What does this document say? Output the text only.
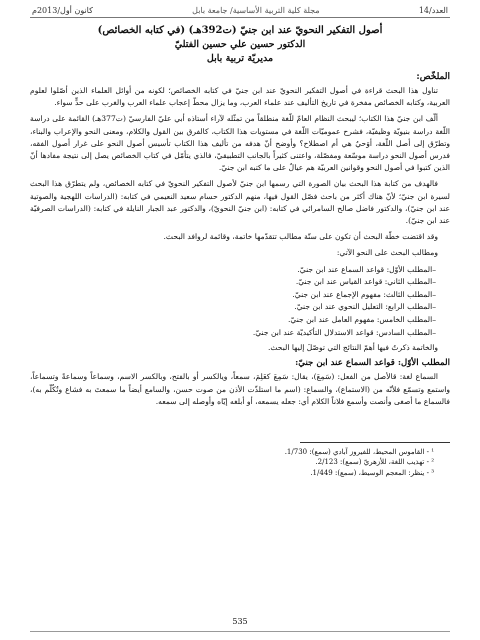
العدد/14
مجلة كلية التربية الأساسية/ جامعة بابل
كانون أول/2013م
أصول التفكير النحويّ عند ابن جنيّ (ت392هـ) (في كتابه الخصائص)
الدكتور حسين علي حسين الفتليّ
مديريّة تربية بابل
الملخّص:

تناول هذا البحث قراءة في أصول التفكير النحويّ عند ابن جنيّ في كتابه الخصائص؛ لكونه من أوائل العلماء الذين أصّلوا لعلوم العربية، وكتابه الخصائص مفخرة في تاريخ التأليف عند علماء العرب، وما يزال محطّ إعجاب علماء العرب والغرب على حدٍّ سواء.

ألّف ابن جنيّ هذا الكتاب؛ ليبحث النظام العامّ للّغة منطلقاً من تمثّله لآراء أستاذه أبي عليّ الفارسيّ (ت377هـ) القائمة على دراسة اللّغة دراسة بنيويّة وظيفيّة، فشرح عموميّات اللّغة في مستويات هذا الكتاب، كالفرق بين القول والكلام، ومعنى النحو والإعراب والبناء، وتطرّق إلى أصل اللّغة، أوَحيٌ هي أم اصطلاح؟ وأوضح أنّ هدفه من تأليف هذا الكتاب تأسيس أصول النحو على غرار أصول الفقه، فدرس أصول النحو دراسة موسّعة ومفصّلة، واعتنى كثيراً بالجانب التطبيقيّ، فالذي يتأمّل في كتاب الخصائص يصل إلى نتيجة مفادها أنّ الذين كتبوا في أصول النحو وقوانين العربيّة هم عيالٌ على ما كتبه ابن جنيّ.

فالهدف من كتابة هذا البحث بيان الصورة التي رسمها ابن جنيّ لأصول التفكير النحويّ في كتابه الخصائص، ولم يتطرّق هذا البحث لسيرة ابن جنيّ؛ لأنّ هناك أكثر من باحث فصّل القول فيها، منهم الدكتور حسام سعيد النعيمي في كتابه: (الدراسات اللهجية والصوتية عند ابن جنيّ)، والدكتور فاضل صالح السامرائي في كتابه: (ابن جنيّ النحويّ)، والدكتور عبد الجبار النايلة في كتابه: (الدراسات الصرفيّة عند ابن جنيّ).

وقد اقتضت خطّة البحث أن تكون على ستّة مطالب تتقدّمها خاتمة، وقائمة لروافد البحث.

ومطالب البحث على النحو الآتي:

–المطلب الأوّل: قواعد السماع عند ابن جنيّ.
–المطلب الثاني: قواعد القياس عند ابن جنيّ.
–المطلب الثالث: مفهوم الإجماع عند ابن جنيّ.
–المطلب الرابع: التعليل النحوي عند ابن جنيّ.
–المطلب الخامس: مفهوم العامل عند ابن جنيّ.
–المطلب السادس: قواعد الاستدلال التأكيديّة عند ابن جنيّ.

والخاتمة ذكرتُ فيها أهمّ النتائج التي توصّلَ إليها البحث.

المطلب الأوّل: قواعد السماع عند ابن جنيّ:

السماع لغة: قالأصل من الفعل: (سَمِعَ)، يقال: سَمِعَ كعَلِمَ، سمعاً، ويالكسر أو بالفتح، وبالكسر الاسم، وسماعاً وسماعةً وتسماعاً، واستمع وتسمّع فلأنّه من (الاستماع)، والسماع: (اسم ما استلذّت الأذن من صوت حسن، والسامع أيضاً ما سمعتَ به فشاع وتُكُلّم به)، فالسماع ما أصغى وأنصت وأسمع فلاناً الكلام أي: جعله يسمعه، أو أبلغه إيّاه وأوصله إلى سمعه.

¹ - القاموس المحيط، للفيروز آبادي (سمع): 1/730.

² - تهذيب اللغة، للأزهريّ (سمع): 2/123.

³ - ينظر: المعجم الوسيط، (سمع): 1/449.

535
